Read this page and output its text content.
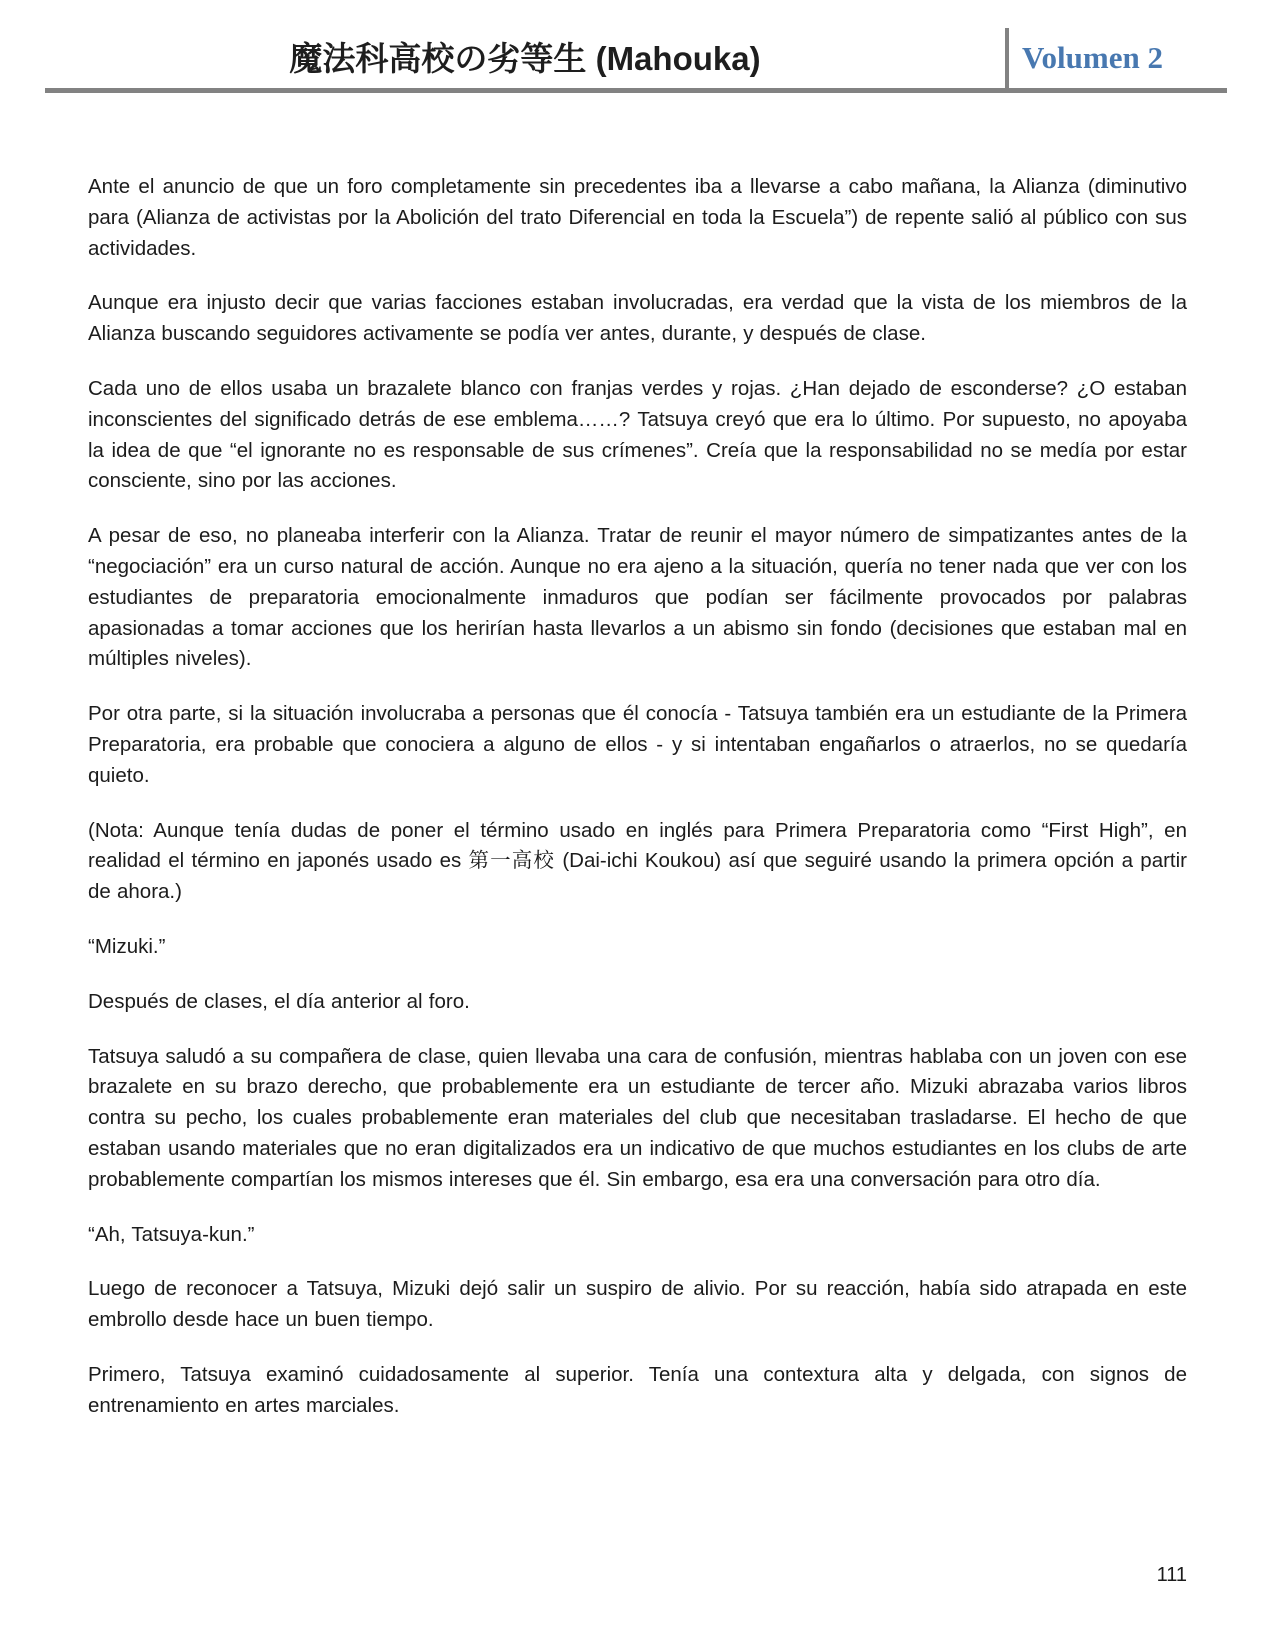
魔法科高校の劣等生 (Mahouka)	Volumen 2

Ante el anuncio de que un foro completamente sin precedentes iba a llevarse a cabo mañana, la Alianza (diminutivo para (Alianza de activistas por la Abolición del trato Diferencial en toda la Escuela”) de repente salió al público con sus actividades.

Aunque era injusto decir que varias facciones estaban involucradas, era verdad que la vista de los miembros de la Alianza buscando seguidores activamente se podía ver antes, durante, y después de clase.

Cada uno de ellos usaba un brazalete blanco con franjas verdes y rojas. ¿Han dejado de esconderse? ¿O estaban inconscientes del significado detrás de ese emblema……? Tatsuya creyó que era lo último. Por supuesto, no apoyaba la idea de que “el ignorante no es responsable de sus crímenes”. Creía que la responsabilidad no se medía por estar consciente, sino por las acciones.

A pesar de eso, no planeaba interferir con la Alianza. Tratar de reunir el mayor número de simpatizantes antes de la “negociación” era un curso natural de acción. Aunque no era ajeno a la situación, quería no tener nada que ver con los estudiantes de preparatoria emocionalmente inmaduros que podían ser fácilmente provocados por palabras apasionadas a tomar acciones que los herirían hasta llevarlos a un abismo sin fondo (decisiones que estaban mal en múltiples niveles).

Por otra parte, si la situación involucraba a personas que él conocía - Tatsuya también era un estudiante de la Primera Preparatoria, era probable que conociera a alguno de ellos - y si intentaban engañarlos o atraerlos, no se quedaría quieto.

(Nota: Aunque tenía dudas de poner el término usado en inglés para Primera Preparatoria como “First High”, en realidad el término en japonés usado es 第一高校 (Dai-ichi Koukou) así que seguiré usando la primera opción a partir de ahora.)

“Mizuki.”

Después de clases, el día anterior al foro.

Tatsuya saludó a su compañera de clase, quien llevaba una cara de confusión, mientras hablaba con un joven con ese brazalete en su brazo derecho, que probablemente era un estudiante de tercer año. Mizuki abrazaba varios libros contra su pecho, los cuales probablemente eran materiales del club que necesitaban trasladarse. El hecho de que estaban usando materiales que no eran digitalizados era un indicativo de que muchos estudiantes en los clubs de arte probablemente compartían los mismos intereses que él. Sin embargo, esa era una conversación para otro día.

“Ah, Tatsuya-kun.”

Luego de reconocer a Tatsuya, Mizuki dejó salir un suspiro de alivio. Por su reacción, había sido atrapada en este embrollo desde hace un buen tiempo.

Primero, Tatsuya examinó cuidadosamente al superior. Tenía una contextura alta y delgada, con signos de entrenamiento en artes marciales.

111
